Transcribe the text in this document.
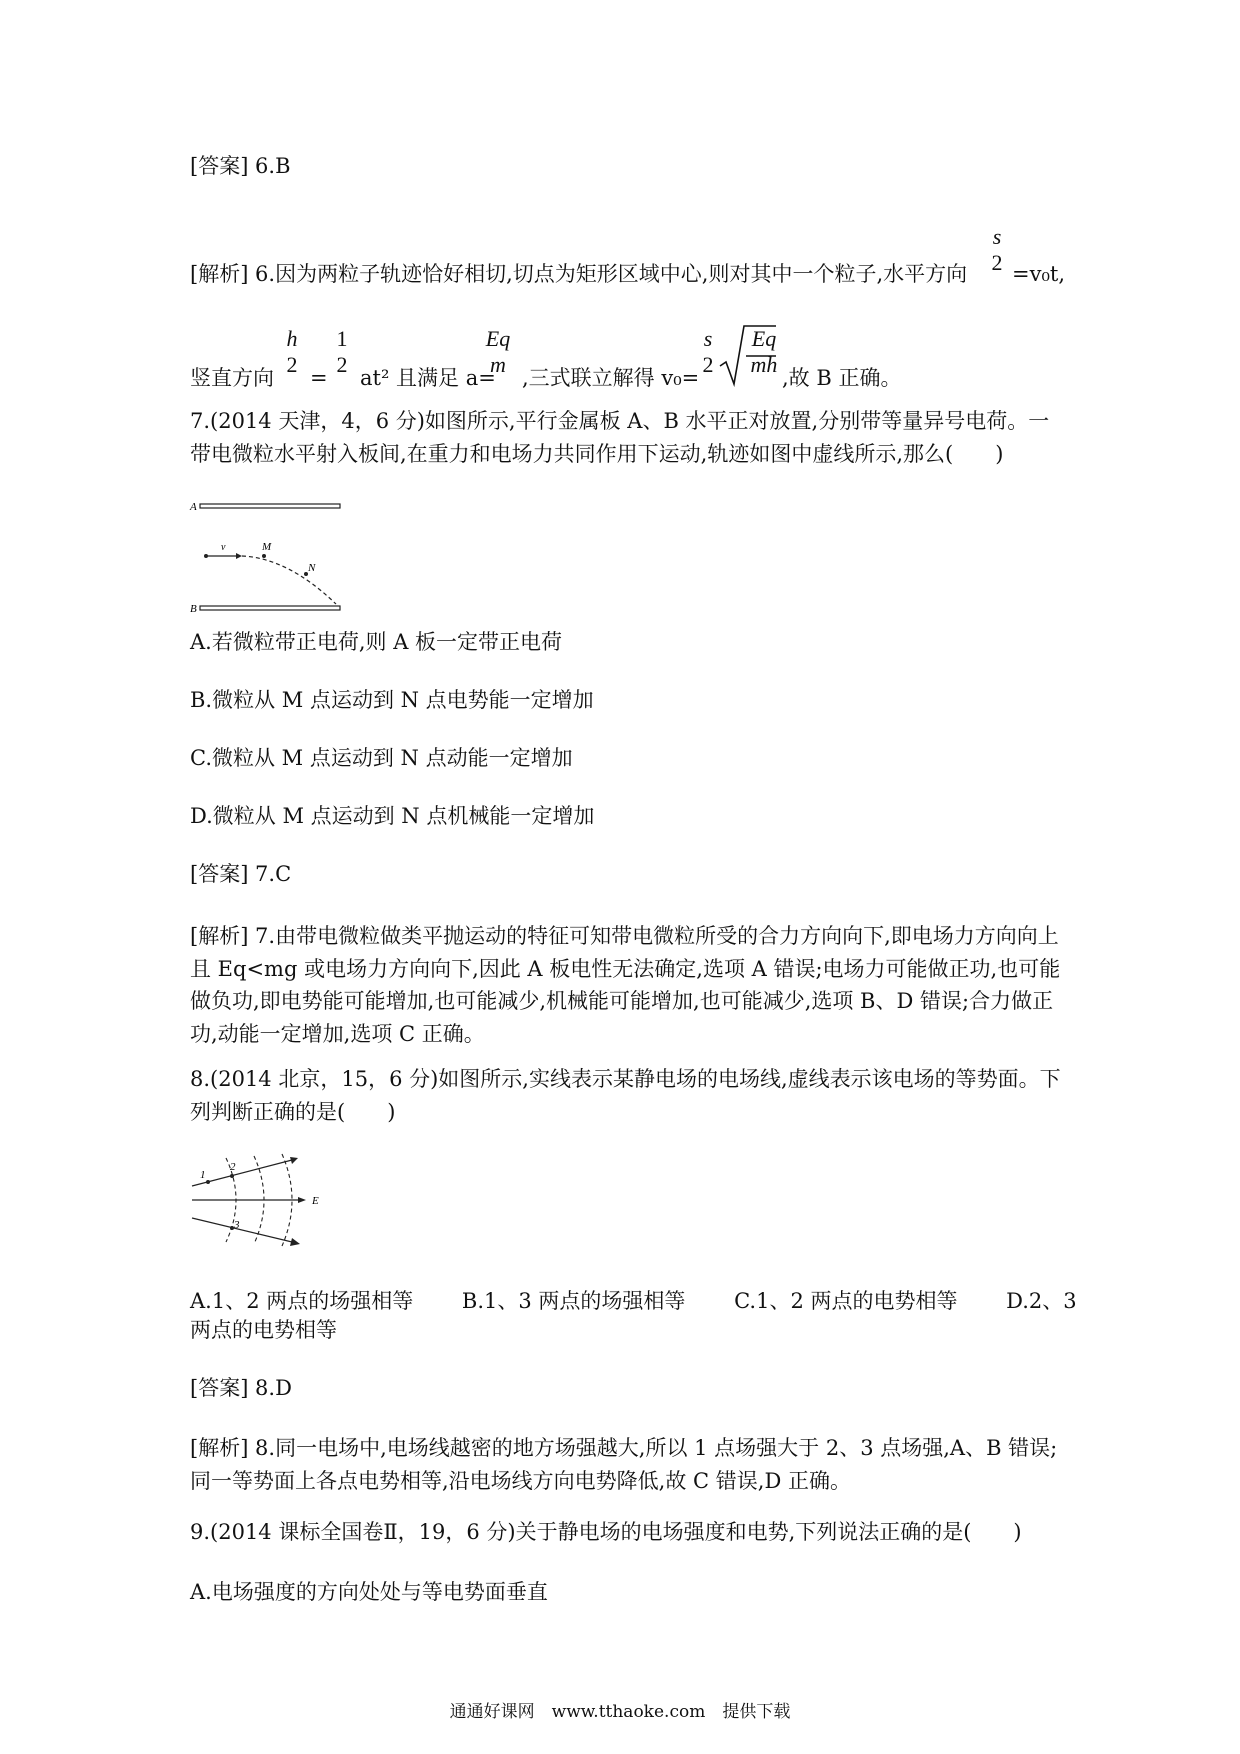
[答案] 6.B
[解析] 6.因为两粒子轨迹恰好相切,切点为矩形区域中心,则对其中一个粒子,水平方向
s
2 =v₀t,
竖直方向
h
2
=
1
2
at² 且满足 a=
Eq
m
,三式联立解得 v₀=
s
2
Eq
mh
,故 B 正确。
7.(2014 天津，4，6 分)如图所示,平行金属板 A、B 水平正对放置,分别带等量异号电荷。一带电微粒水平射入板间,在重力和电场力共同作用下运动,轨迹如图中虚线所示,那么(　　)
A
v	M
N
B
A.若微粒带正电荷,则 A 板一定带正电荷
B.微粒从 M 点运动到 N 点电势能一定增加
C.微粒从 M 点运动到 N 点动能一定增加
D.微粒从 M 点运动到 N 点机械能一定增加
[答案] 7.C
[解析] 7.由带电微粒做类平抛运动的特征可知带电微粒所受的合力方向向下,即电场力方向向上且 Eq<mg 或电场力方向向下,因此 A 板电性无法确定,选项 A 错误;电场力可能做正功,也可能做负功,即电势能可能增加,也可能减少,机械能可能增加,也可能减少,选项 B、D 错误;合力做正功,动能一定增加,选项 C 正确。
8.(2014 北京，15，6 分)如图所示,实线表示某静电场的电场线,虚线表示该电场的等势面。下列判断正确的是(　　)
1
2
3
E
A.1、2 两点的场强相等　　 B.1、3 两点的场强相等　　 C.1、2 两点的电势相等　　 D.2、3
两点的电势相等
[答案] 8.D
[解析] 8.同一电场中,电场线越密的地方场强越大,所以 1 点场强大于 2、3 点场强,A、B 错误;同一等势面上各点电势相等,沿电场线方向电势降低,故 C 错误,D 正确。
9.(2014 课标全国卷Ⅱ，19，6 分)关于静电场的电场强度和电势,下列说法正确的是(　　)
A.电场强度的方向处处与等电势面垂直
通通好课网　www.tthaoke.com　提供下载
